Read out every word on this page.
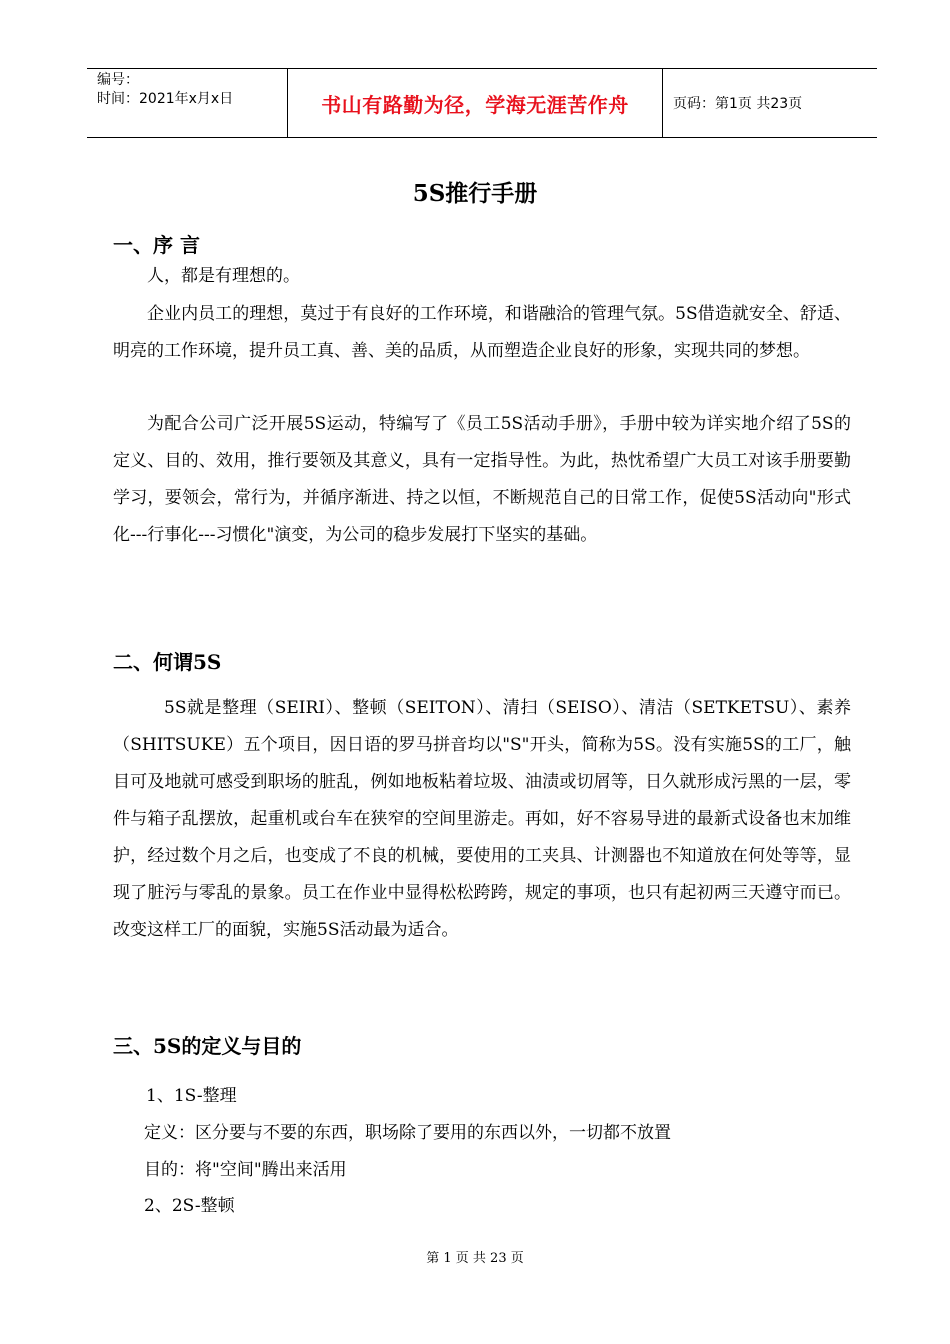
编号：
时间：2021年x月x日	书山有路勤为径，学海无涯苦作舟	页码：第1页 共23页
5S推行手册
一、序 言

人，都是有理想的。

企业内员工的理想，莫过于有良好的工作环境，和谐融洽的管理气氛。5S借造就安全、舒适、明亮的工作环境，提升员工真、善、美的品质，从而塑造企业良好的形象，实现共同的梦想。

为配合公司广泛开展5S运动，特编写了《员工5S活动手册》，手册中较为详实地介绍了5S的定义、目的、效用，推行要领及其意义，具有一定指导性。为此，热忱希望广大员工对该手册要勤学习，要领会，常行为，并循序渐进、持之以恒，不断规范自己的日常工作，促使5S活动向"形式化---行事化---习惯化"演变，为公司的稳步发展打下坚实的基础。

二、何谓5S

5S就是整理（SEIRI）、整顿（SEITON）、清扫（SEISO）、清洁（SETKETSU）、素养（SHITSUKE）五个项目，因日语的罗马拼音均以"S"开头，简称为5S。没有实施5S的工厂，触目可及地就可感受到职场的脏乱，例如地板粘着垃圾、油渍或切屑等，日久就形成污黑的一层，零件与箱子乱摆放，起重机或台车在狭窄的空间里游走。再如，好不容易导进的最新式设备也末加维护，经过数个月之后，也变成了不良的机械，要使用的工夹具、计测器也不知道放在何处等等，显现了脏污与零乱的景象。员工在作业中显得松松跨跨，规定的事项，也只有起初两三天遵守而已。改变这样工厂的面貌，实施5S活动最为适合。

三、5S的定义与目的
1、1S-整理
定义：区分要与不要的东西，职场除了要用的东西以外，一切都不放置
目的：将"空间"腾出来活用
2、2S-整顿
第 1 页 共 23 页
